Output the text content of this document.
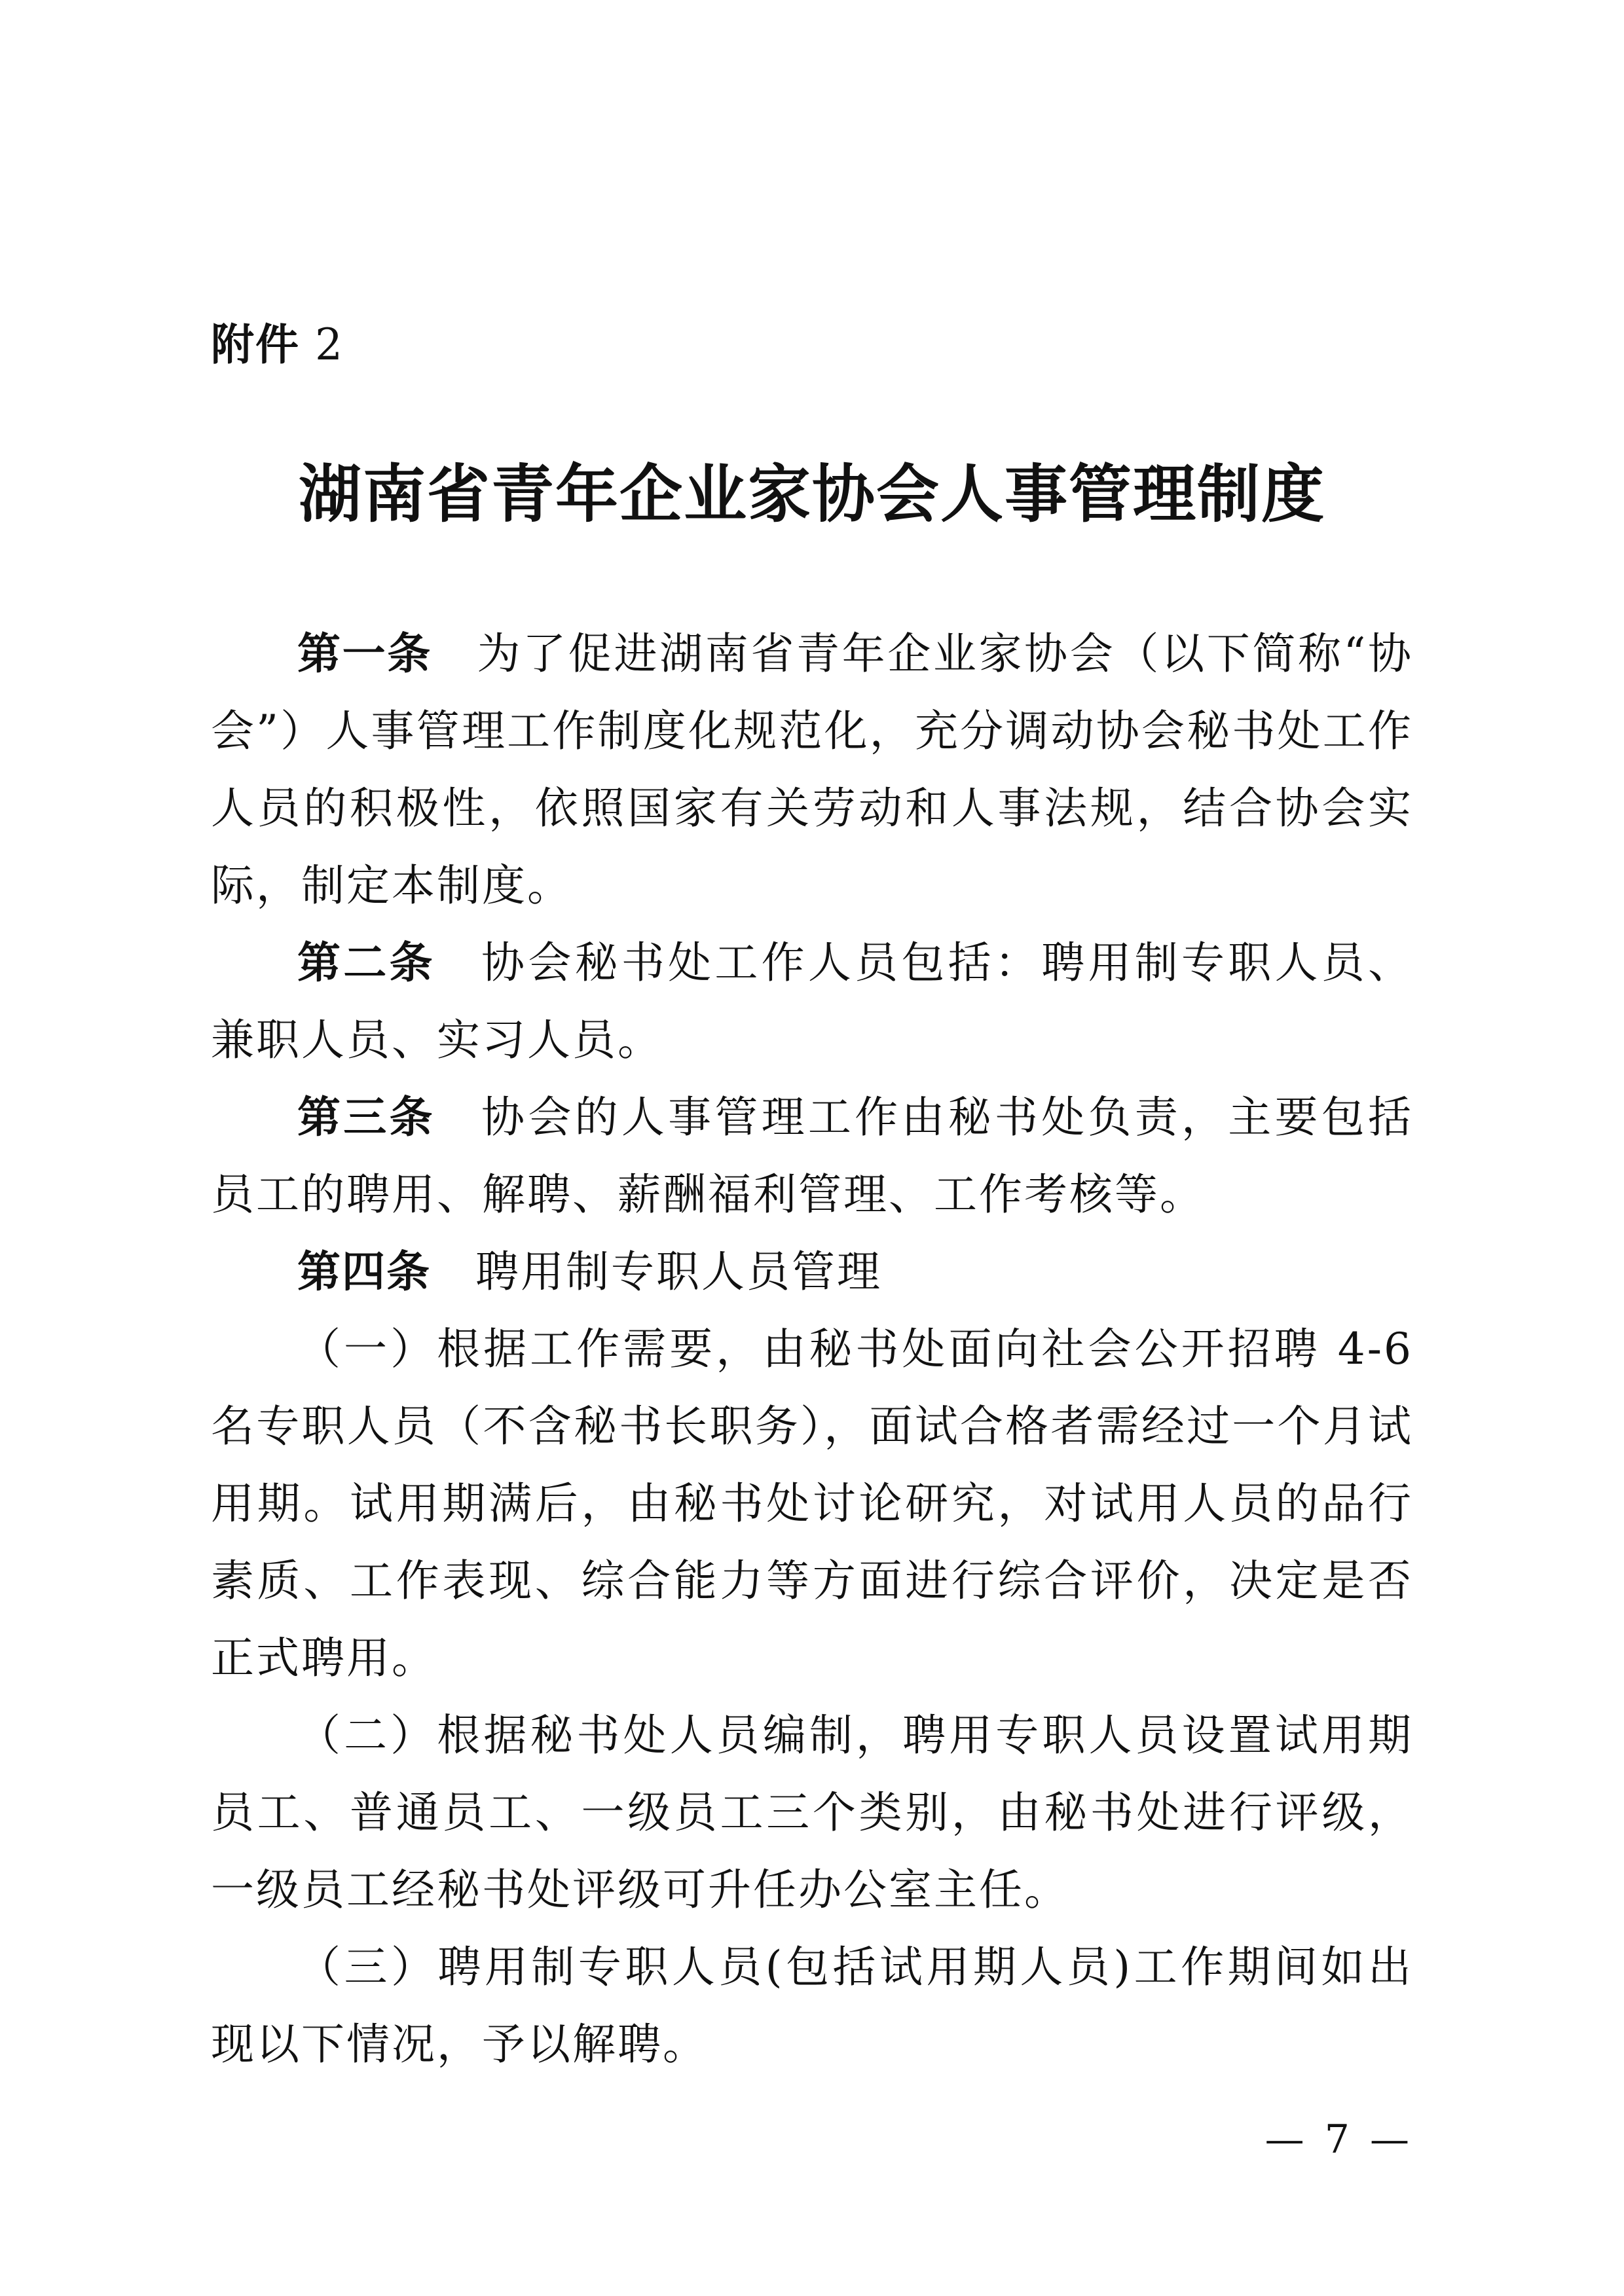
附件 2
湖南省青年企业家协会人事管理制度

第一条 为了促进湖南省青年企业家协会（以下简称“协会”）人事管理工作制度化规范化，充分调动协会秘书处工作人员的积极性，依照国家有关劳动和人事法规，结合协会实际，制定本制度。

第二条 协会秘书处工作人员包括：聘用制专职人员、兼职人员、实习人员。

第三条 协会的人事管理工作由秘书处负责，主要包括员工的聘用、解聘、薪酬福利管理、工作考核等。

第四条 聘用制专职人员管理

（一）根据工作需要，由秘书处面向社会公开招聘 4-6 名专职人员（不含秘书长职务），面试合格者需经过一个月试用期。试用期满后，由秘书处讨论研究，对试用人员的品行素质、工作表现、综合能力等方面进行综合评价，决定是否正式聘用。

（二）根据秘书处人员编制，聘用专职人员设置试用期员工、普通员工、一级员工三个类别，由秘书处进行评级，一级员工经秘书处评级可升任办公室主任。

（三）聘用制专职人员(包括试用期人员)工作期间如出现以下情况，予以解聘。

— 7 —
